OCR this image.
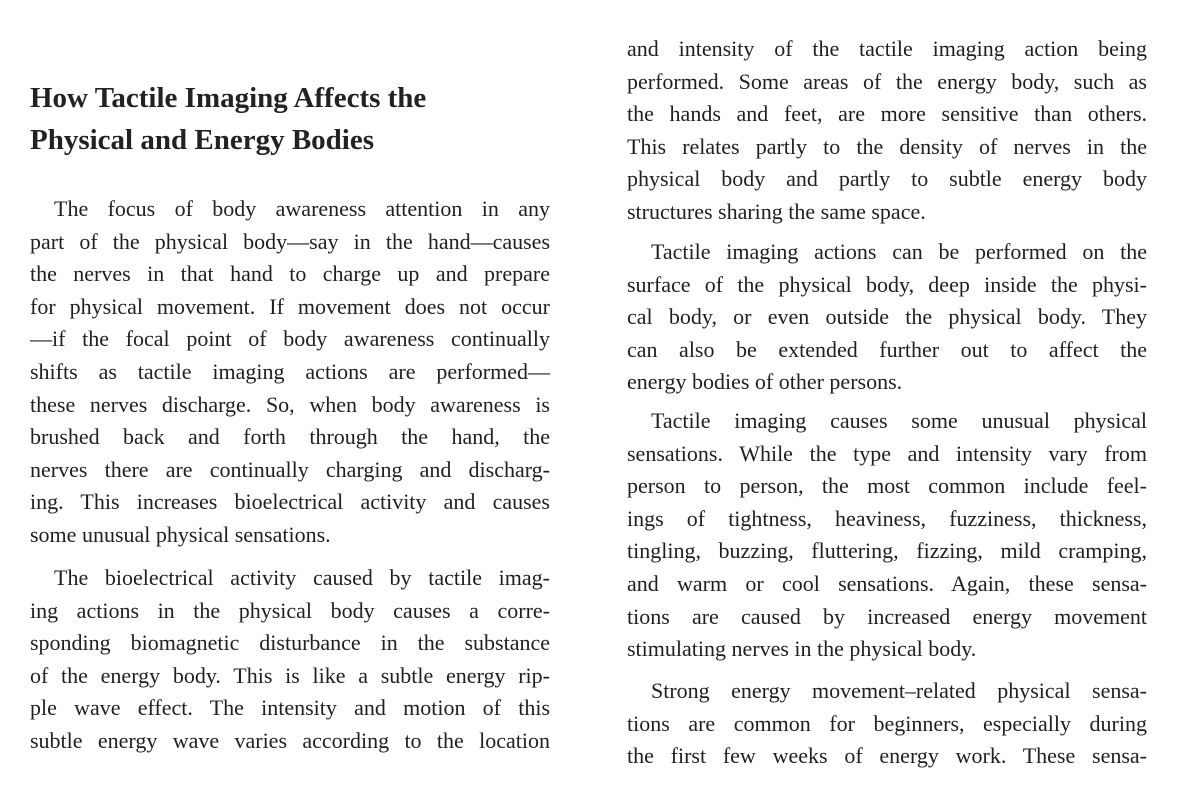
How Tactile Imaging Affects the
Physical and Energy Bodies
The focus of body awareness attention in any
part of the physical body—say in the hand—causes
the nerves in that hand to charge up and prepare
for physical movement. If movement does not occur
—if the focal point of body awareness continually
shifts as tactile imaging actions are performed—
these nerves discharge. So, when body awareness is
brushed back and forth through the hand, the
nerves there are continually charging and discharg-
ing. This increases bioelectrical activity and causes
some unusual physical sensations.
The bioelectrical activity caused by tactile imag-
ing actions in the physical body causes a corre-
sponding biomagnetic disturbance in the substance
of the energy body. This is like a subtle energy rip-
ple wave effect. The intensity and motion of this
subtle energy wave varies according to the location
and intensity of the tactile imaging action being
performed. Some areas of the energy body, such as
the hands and feet, are more sensitive than others.
This relates partly to the density of nerves in the
physical body and partly to subtle energy body
structures sharing the same space.
Tactile imaging actions can be performed on the
surface of the physical body, deep inside the physi-
cal body, or even outside the physical body. They
can also be extended further out to affect the
energy bodies of other persons.
Tactile imaging causes some unusual physical
sensations. While the type and intensity vary from
person to person, the most common include feel-
ings of tightness, heaviness, fuzziness, thickness,
tingling, buzzing, fluttering, fizzing, mild cramping,
and warm or cool sensations. Again, these sensa-
tions are caused by increased energy movement
stimulating nerves in the physical body.
Strong energy movement–related physical sensa-
tions are common for beginners, especially during
the first few weeks of energy work. These sensa-
